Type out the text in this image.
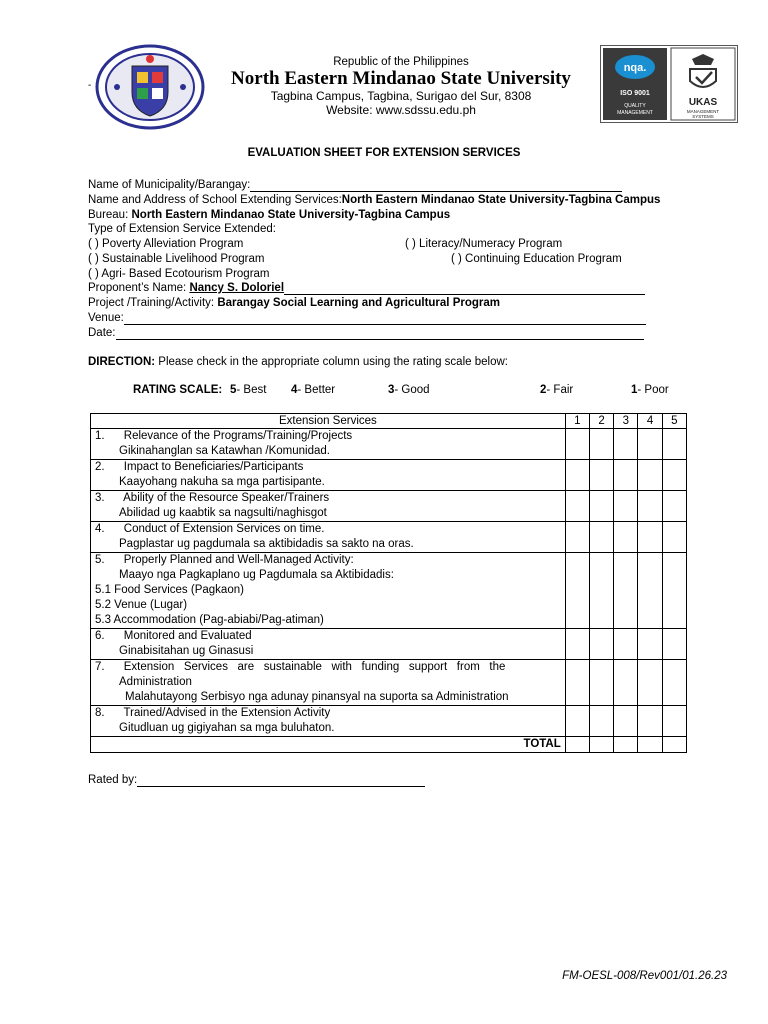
-
Republic of the Philippines
North Eastern Mindanao State University
Tagbina Campus, Tagbina, Surigao del Sur, 8308
Website: www.sdssu.edu.ph
nqa.
ISO 9001
QUALITY
MANAGEMENT
UKAS
MANAGEMENT
SYSTEMS
EVALUATION SHEET FOR EXTENSION SERVICES
Name of Municipality/Barangay:
Name and Address of School Extending Services:North Eastern Mindanao State University-Tagbina Campus
Bureau: North Eastern Mindanao State University-Tagbina Campus
Type of Extension Service Extended:
( ) Poverty Alleviation Program	( ) Literacy/Numeracy Program
( ) Sustainable Livelihood Program	( ) Continuing Education Program
( ) Agri- Based Ecotourism Program
Proponent’s Name: Nancy S. Doloriel
Project /Training/Activity: Barangay Social Learning and Agricultural Program
Venue:
Date:
DIRECTION: Please check in the appropriate column using the rating scale below:
RATING SCALE: 5- Best 4- Better	3- Good	2- Fair	1- Poor
Extension Services	1	2	3	4	5

1.      Relevance of the Programs/Training/Projects
Gikinahanglan sa Katawhan /Komunidad.					

2.      Impact to Beneficiaries/Participants
Kaayohang nakuha sa mga partisipante.					

3.      Ability of the Resource Speaker/Trainers
Abilidad ug kaabtik sa nagsulti/naghisgot					

4.      Conduct of Extension Services on time.
Pagplastar ug pagdumala sa aktibidadis sa sakto na oras.					

5.      Properly Planned and Well-Managed Activity:
Maayo nga Pagkaplano ug Pagdumala sa Aktibidadis:
5.1 Food Services (Pagkaon)
5.2 Venue (Lugar)
5.3 Accommodation (Pag-abiabi/Pag-atiman)					

6.      Monitored and Evaluated
Ginabisitahan ug Ginasusi					

7.      Extension   Services   are   sustainable   with   funding   support   from   the
Administration
Malahutayong Serbisyo nga adunay pinansyal na suporta sa Administration					

8.      Trained/Advised in the Extension Activity
Gitudluan ug gigiyahan sa mga buluhaton.					

TOTAL					
Rated by:
FM-OESL-008/Rev001/01.26.23
